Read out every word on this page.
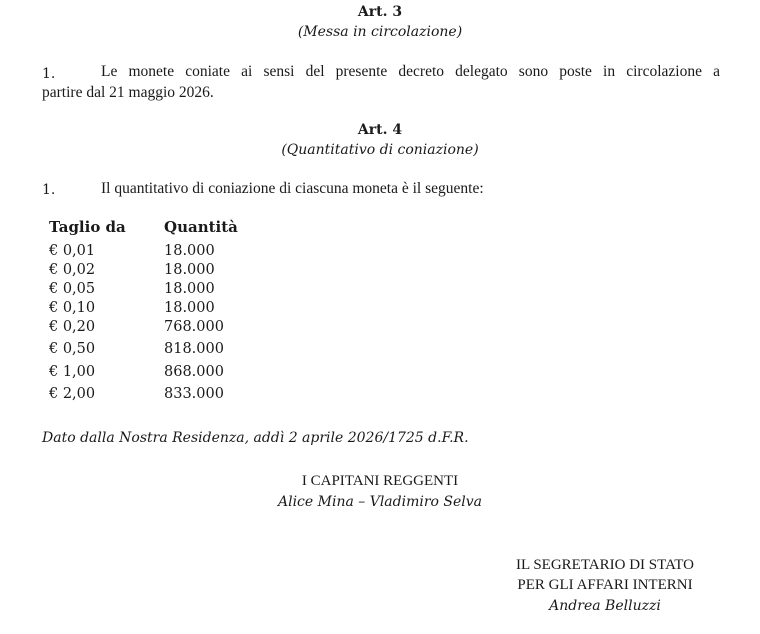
Art. 3
(Messa in circolazione)
1.	Le monete coniate ai sensi del presente decreto delegato sono poste in circolazione a
partire dal 21 maggio 2026.
Art. 4
(Quantitativo di coniazione)
1.	Il quantitativo di coniazione di ciascuna moneta è il seguente:
Taglio da	Quantità
€ 0,01	18.000
€ 0,02	18.000
€ 0,05	18.000
€ 0,10	18.000
€ 0,20	768.000
€ 0,50	818.000
€ 1,00	868.000
€ 2,00	833.000
Dato dalla Nostra Residenza, addì 2 aprile 2026/1725 d.F.R.
I CAPITANI REGGENTI
Alice Mina – Vladimiro Selva
IL SEGRETARIO DI STATO
PER GLI AFFARI INTERNI
Andrea Belluzzi
